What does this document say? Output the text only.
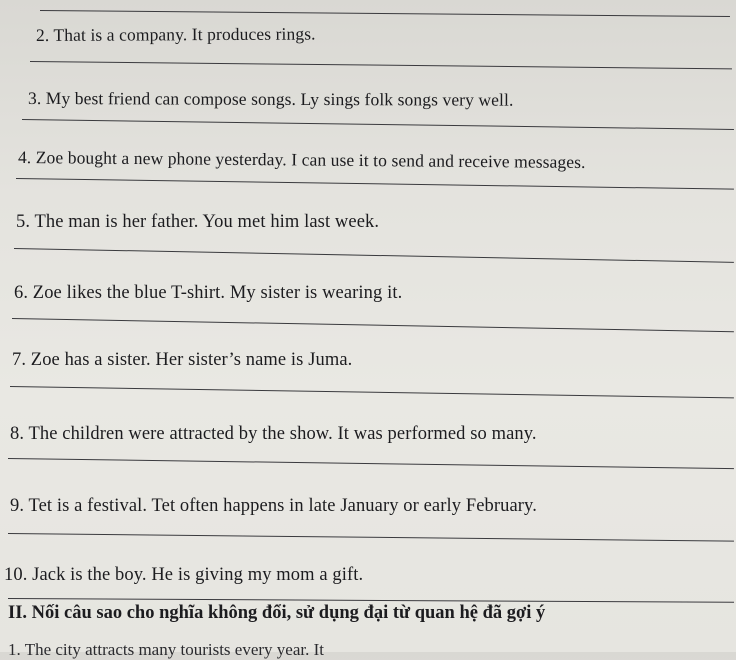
2. That is a company. It produces rings.
3. My best friend can compose songs. Ly sings folk songs very well.
4. Zoe bought a new phone yesterday. I can use it to send and receive messages.
5. The man is her father. You met him last week.
6. Zoe likes the blue T-shirt. My sister is wearing it.
7. Zoe has a sister. Her sister’s name is Juma.
8. The children were attracted by the show. It was performed so many.
9. Tet is a festival. Tet often happens in late January or early February.
10. Jack is the boy. He is giving my mom a gift.
II. Nối câu sao cho nghĩa không đổi, sử dụng đại từ quan hệ đã gợi ý
1. The city attracts many tourists every year. It
